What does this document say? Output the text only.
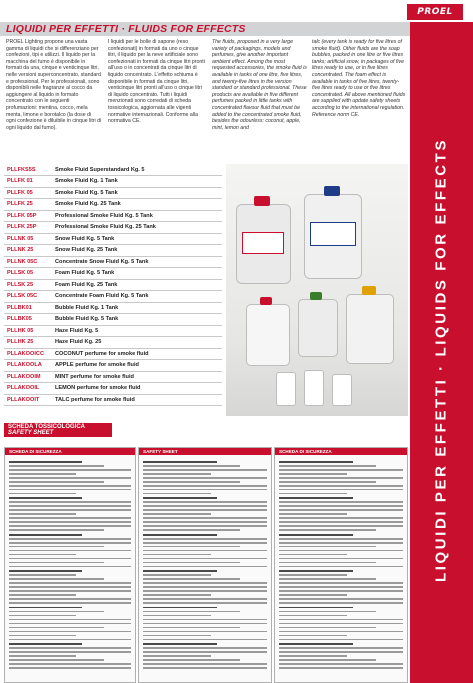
PROEL
LIQUIDI PER EFFETTI · FLUIDS FOR EFFECTS
LIQUIDI PER EFFETTI · LIQUIDS FOR EFFECTS
PROEL Lighting propone una vasta gamma di liquidi che si differenziano per confezioni, tipi e utilizzi. Il liquido per la macchina del fumo è disponibile in formati da una, cinque e venticinque litri, nelle versioni superconcentrato, standard e professional. Per le professionali, sono disponibili nelle fragranze al cocco da aggiungere al liquido in formato concentrato con le seguenti profumazioni: mentina, cocco, mela menta, limone e borotalco (la dose di ogni confezione è diluibile in cinque litri di ogni liquido dal fumo).
I liquidi per le bolle di sapone (reso confezionati) in formati da uno o cinque litri, il liquido per la neve artificiale sono confezionati in formati da cinque litri pronti all'uso o in concentrati da cinque litri di liquido concentrato. L'effetto schiuma è disponibile in formati da cinque litri, venticinque litri pronti all'uso o cinque litri di liquido concentrato. Tutti i liquidi menzionati sono corredati di scheda tossicologica, aggiornata alle vigenti normative internazionali. Conforme alla normativa CE.
The fluids, proposed in a very large variety of packagings, models and perfumes, give another important ambient effect. Among the most requested accessories, the smoke fluid is available in tanks of one litre, five litres, and twenty-five litres in the version standard or standard professional. These products are available in five different perfumes packed in little tanks with concentrated flavour fluid that must be added to the concentrated smoke fluid, besides the odourless: coconut, apple, mint, lemon and
talc (every tank is ready for five litres of smoke fluid). Other fluids are the soap bubbles, packed in one litre or five litres tanks; artificial snow, in packages of five litres ready to use, or in five litres concentrated. The foam effect is available in tanks of five litres, twenty-five litres ready to use or five litres concentrated. All above mentioned fluids are supplied with update safety sheets according to the international regulation. Reference norm CE.
PLLFKS5S	Smoke Fluid Superstandard Kg. 5
PLLFK 01	Smoke Fluid Kg. 1 Tank
PLLFK 05	Smoke Fluid Kg. 5 Tank
PLLFK 25	Smoke Fluid Kg. 25 Tank
PLLFK 05P	Professional Smoke Fluid Kg. 5 Tank
PLLFK 25P	Professional Smoke Fluid Kg. 25 Tank
PLLNK 05	Snow Fluid Kg. 5 Tank
PLLNK 25	Snow Fluid Kg. 25 Tank
PLLNK 05C	Concentrate Snow Fluid Kg. 5 Tank
PLLSK 05	Foam Fluid Kg. 5 Tank
PLLSK 25	Foam Fluid Kg. 25 Tank
PLLSK 05C	Concentrate Foam Fluid Kg. 5 Tank
PLLBK01	Bubble Fluid Kg. 1 Tank
PLLBK05	Bubble Fluid Kg. 5 Tank
PLLHK 05	Haze Fluid Kg. 5
PLLHK 25	Haze Fluid Kg. 25
PLLAKOOICC	COCONUT perfume for smoke fluid
PLLAKOOLA	APPLE perfume for smoke fluid
PLLAKOOIM	MINT perfume for smoke fluid
PLLAKOOIL	LEMON perfume for smoke fluid
PLLAKOOIT	TALC perfume for smoke fluid
SCHEDA TOSSICOLOGICA
SAFETY SHEET
SCHEDA DI SICUREZZA	SAFETY SHEET	SCHEDA DI SICUREZZA
